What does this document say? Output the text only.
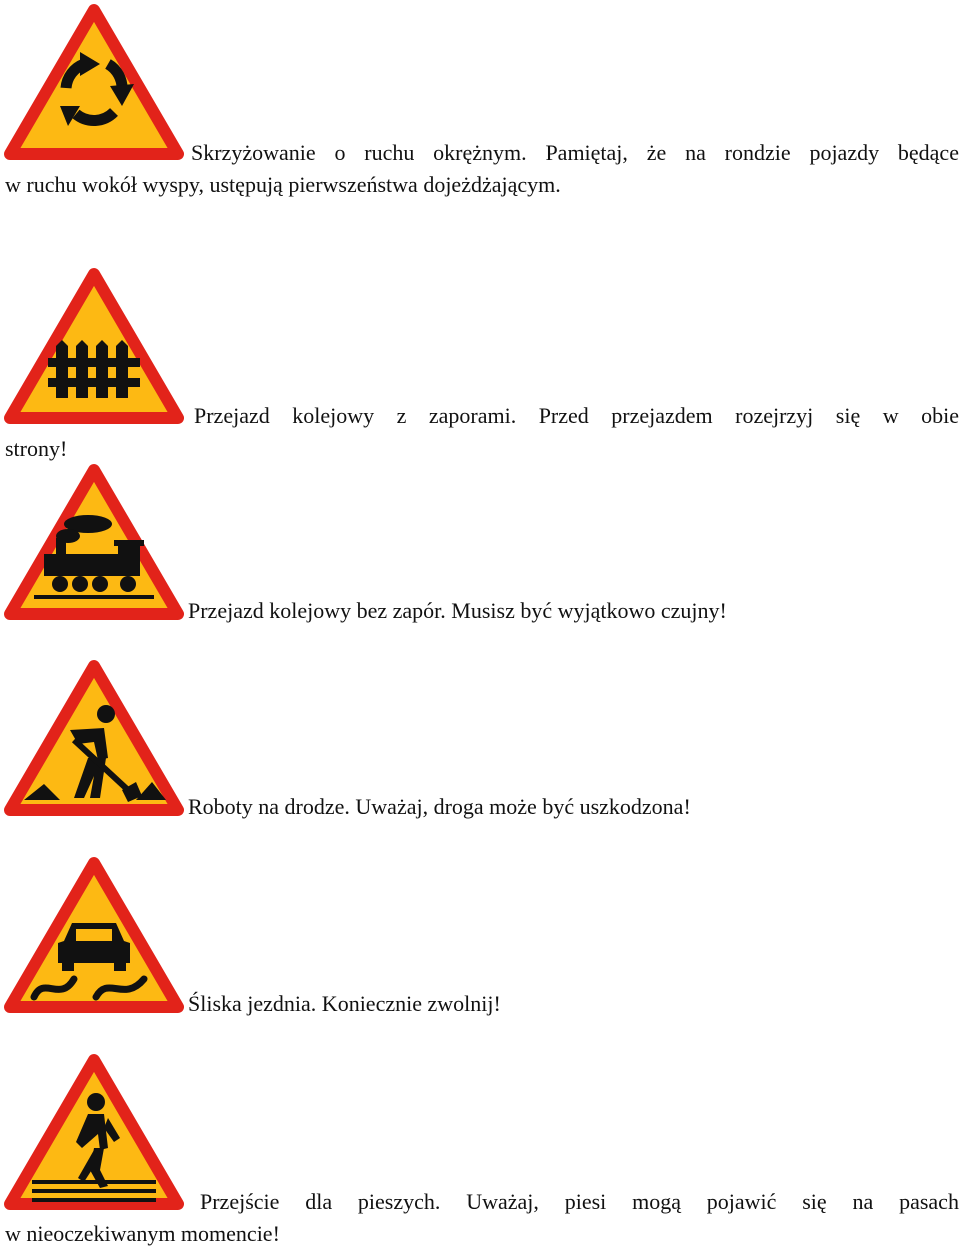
Skrzyżowanie o ruchu okrężnym. Pamiętaj, że na rondzie pojazdy będące

w ruchu wokół wyspy, ustępują pierwszeństwa dojeżdżającym.

Przejazd kolejowy z zaporami. Przed przejazdem rozejrzyj się w obie

strony!

Przejazd kolejowy bez zapór. Musisz być wyjątkowo czujny!

Roboty na drodze. Uważaj, droga może być uszkodzona!

Śliska jezdnia. Koniecznie zwolnij!

Przejście dla pieszych. Uważaj, piesi mogą pojawić się na pasach

w nieoczekiwanym momencie!
